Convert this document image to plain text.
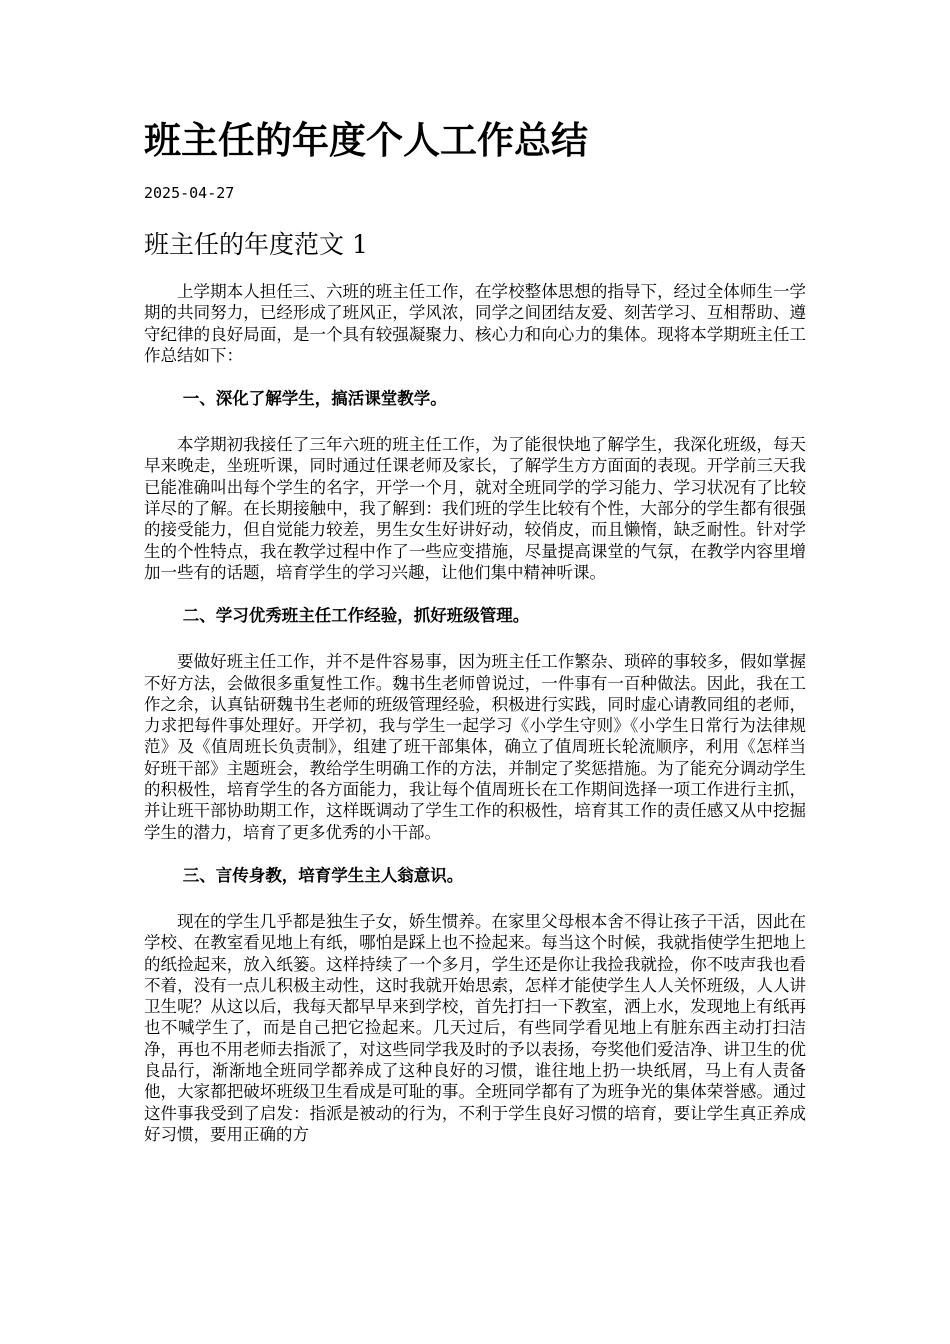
班主任的年度个人工作总结
2025-04-27
班主任的年度范文 1

上学期本人担任三、六班的班主任工作，在学校整体思想的指导下，经过全体师生一学期的共同努力，已经形成了班风正，学风浓，同学之间团结友爱、刻苦学习、互相帮助、遵守纪律的良好局面，是一个具有较强凝聚力、核心力和向心力的集体。现将本学期班主任工作总结如下：

一、深化了解学生，搞活课堂教学。

本学期初我接任了三年六班的班主任工作，为了能很快地了解学生，我深化班级，每天早来晚走，坐班听课，同时通过任课老师及家长，了解学生方方面面的表现。开学前三天我已能准确叫出每个学生的名字，开学一个月，就对全班同学的学习能力、学习状况有了比较详尽的了解。在长期接触中，我了解到：我们班的学生比较有个性，大部分的学生都有很强的接受能力，但自觉能力较差，男生女生好讲好动，较俏皮，而且懒惰，缺乏耐性。针对学生的个性特点，我在教学过程中作了一些应变措施，尽量提高课堂的气氛，在教学内容里增加一些有的话题，培育学生的学习兴趣，让他们集中精神听课。

二、学习优秀班主任工作经验，抓好班级管理。

要做好班主任工作，并不是件容易事，因为班主任工作繁杂、琐碎的事较多，假如掌握不好方法，会做很多重复性工作。魏书生老师曾说过，一件事有一百种做法。因此，我在工作之余，认真钻研魏书生老师的班级管理经验，积极进行实践，同时虚心请教同组的老师，力求把每件事处理好。开学初，我与学生一起学习《小学生守则》《小学生日常行为法律规范》及《值周班长负责制》，组建了班干部集体，确立了值周班长轮流顺序，利用《怎样当好班干部》主题班会，教给学生明确工作的方法，并制定了奖惩措施。为了能充分调动学生的积极性，培育学生的各方面能力，我让每个值周班长在工作期间选择一项工作进行主抓，并让班干部协助期工作，这样既调动了学生工作的积极性，培育其工作的责任感又从中挖掘学生的潜力，培育了更多优秀的小干部。

三、言传身教，培育学生主人翁意识。

现在的学生几乎都是独生子女，娇生惯养。在家里父母根本舍不得让孩子干活，因此在学校、在教室看见地上有纸，哪怕是踩上也不捡起来。每当这个时候，我就指使学生把地上的纸捡起来，放入纸篓。这样持续了一个多月，学生还是你让我捡我就捡，你不吱声我也看不着，没有一点儿积极主动性，这时我就开始思索，怎样才能使学生人人关怀班级，人人讲卫生呢？从这以后，我每天都早早来到学校，首先打扫一下教室，洒上水，发现地上有纸再也不喊学生了，而是自己把它捡起来。几天过后，有些同学看见地上有脏东西主动打扫洁净，再也不用老师去指派了，对这些同学我及时的予以表扬，夸奖他们爱洁净、讲卫生的优良品行，渐渐地全班同学都养成了这种良好的习惯，谁往地上扔一块纸屑，马上有人责备他，大家都把破坏班级卫生看成是可耻的事。全班同学都有了为班争光的集体荣誉感。通过这件事我受到了启发：指派是被动的行为，不利于学生良好习惯的培育，要让学生真正养成好习惯，要用正确的方
